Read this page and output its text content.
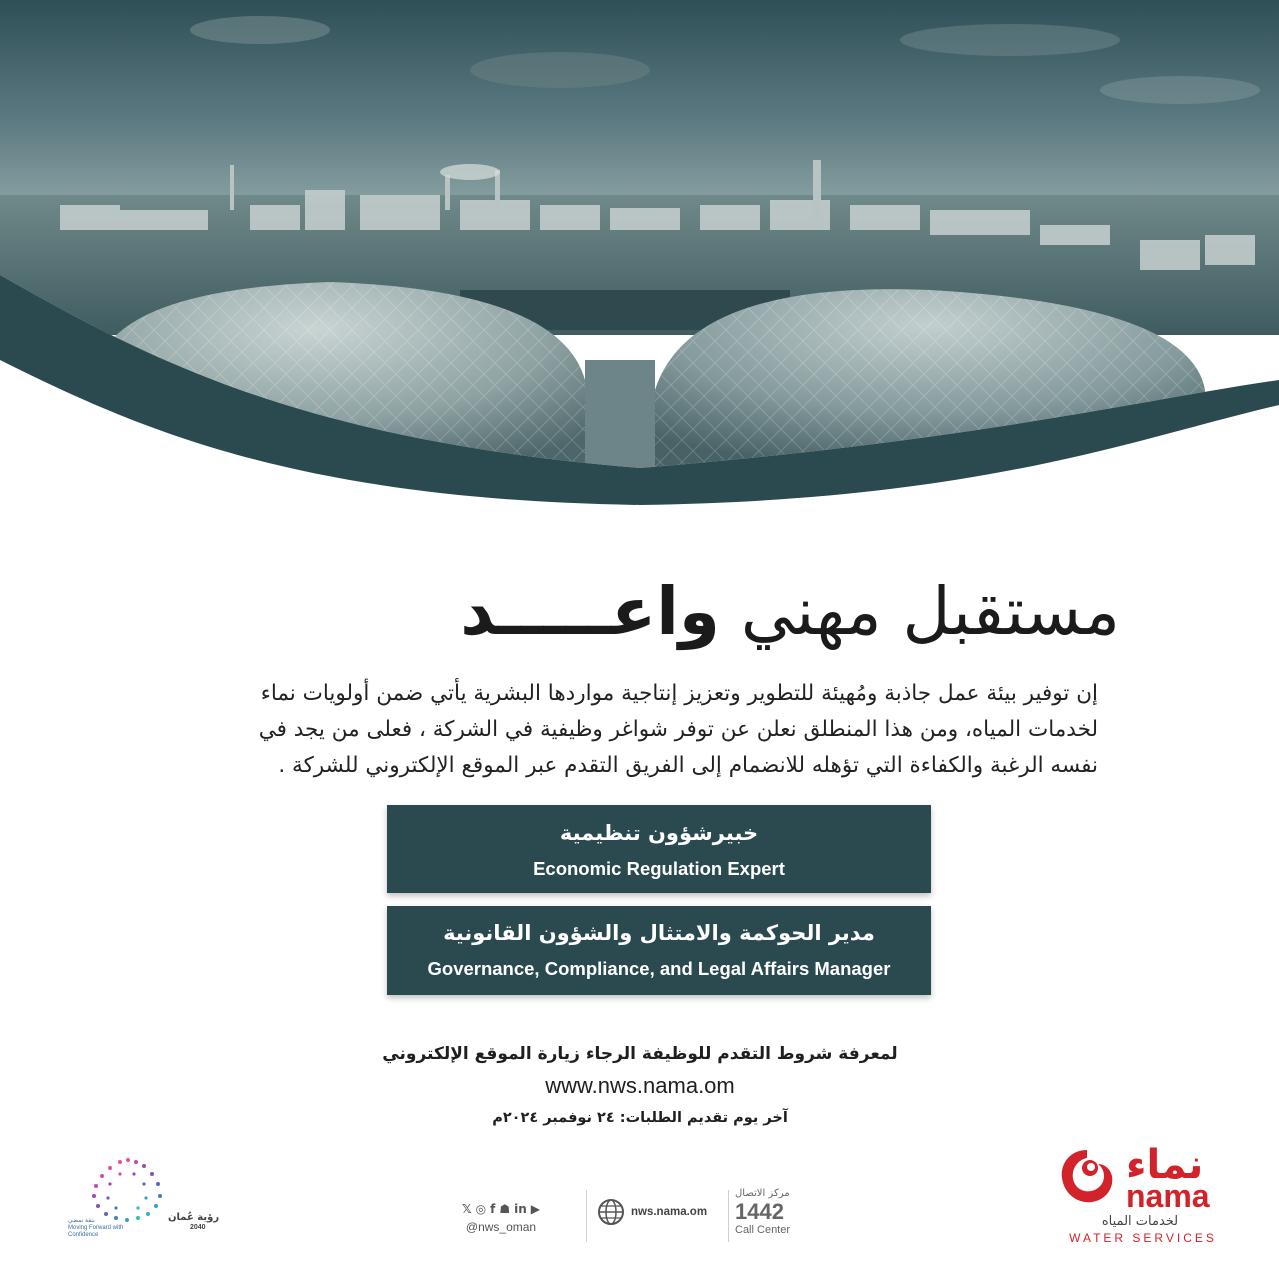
مستقبل مهني واعـــــد

إن توفير بيئة عمل جاذبة ومُهيئة للتطوير وتعزيز إنتاجية مواردها البشرية يأتي ضمن أولويات نماء

لخدمات المياه، ومن هذا المنطلق نعلن عن توفر شواغر وظيفية في الشركة ، فعلى من يجد في

نفسه الرغبة والكفاءة التي تؤهله للانضمام إلى الفريق التقدم عبر الموقع الإلكتروني للشركة .

خبيرشؤون تنظيمية
Economic Regulation Expert
مدير الحوكمة والامتثال والشؤون القانونية
Governance, Compliance, and Legal Affairs Manager
لمعرفة شروط التقدم للوظيفة الرجاء زيارة الموقع الإلكتروني
www.nws.nama.om
آخر يوم تقديم الطلبات: ٢٤ نوفمبر ٢٠٢٤م
رؤية عُمان
2040
بثقة نمضي
Moving Forward with Confidence
𝕏 ◎ f ☗ in ▶
@nws_oman
nws.nama.om
مركز الاتصال
1442
Call Center
نماء
nama
لخدمات المياه
WATER SERVICES
